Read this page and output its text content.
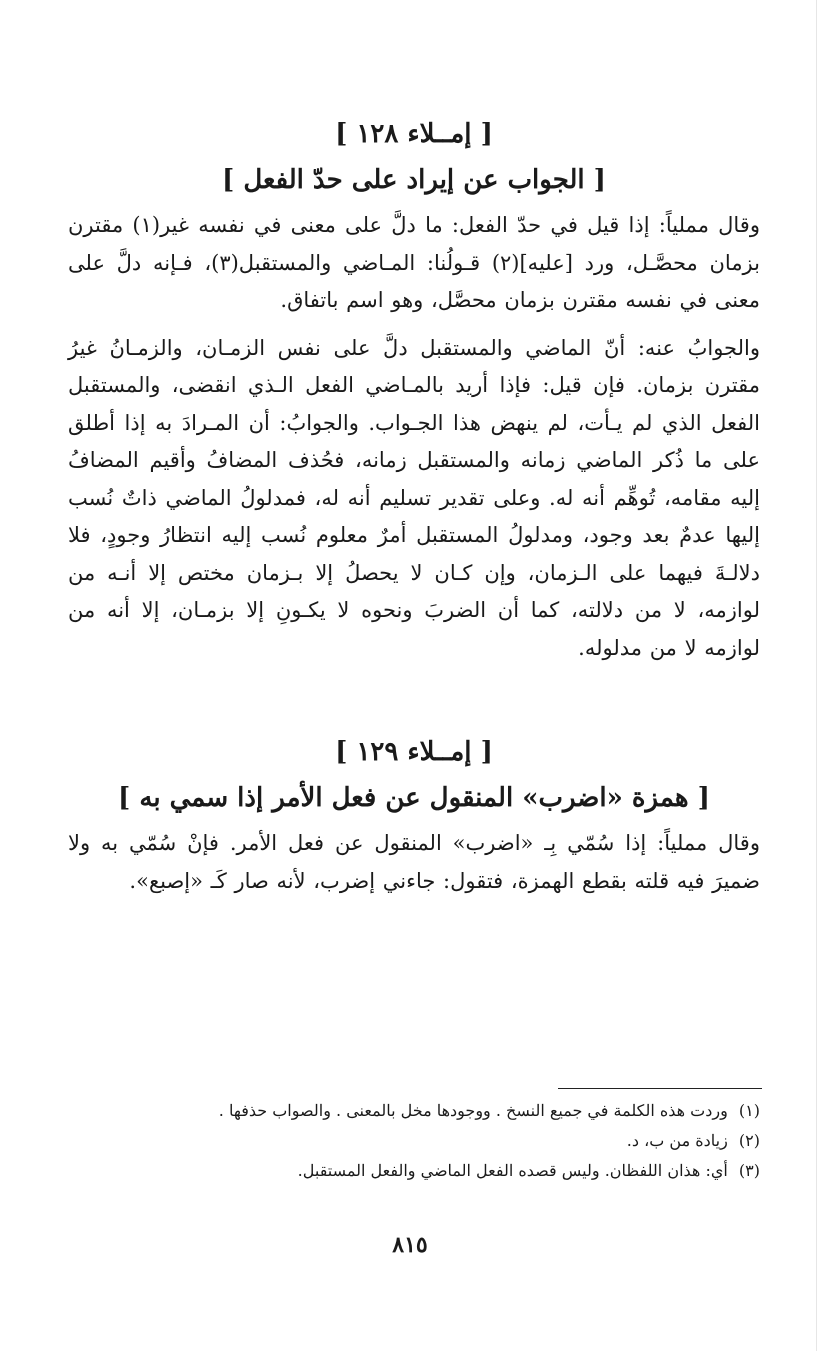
[ إمــلاء ١٢٨ ]
[ الجواب عن إيراد على حدّ الفعل ]

وقال مملياً: إذا قيل في حدّ الفعل: ما دلَّ على معنى في نفسه غير(١) مقترن بزمان محصَّـل، ورد [عليه](٢) قـولُنا: المـاضي والمستقبل(٣)، فـإنه دلَّ على معنى في نفسه مقترن بزمان محصَّل، وهو اسم باتفاق.

والجوابُ عنه: أنّ الماضي والمستقبل دلَّ على نفس الزمـان، والزمـانُ غيرُ مقترن بزمان. فإن قيل: فإذا أريد بالمـاضي الفعل الـذي انقضى، والمستقبل الفعل الذي لم يـأت، لم ينهض هذا الجـواب. والجوابُ: أن المـرادَ به إذا أطلق على ما ذُكر الماضي زمانه والمستقبل زمانه، فحُذف المضافُ وأقيم المضافُ إليه مقامه، تُوهِّم أنه له. وعلى تقدير تسليم أنه له، فمدلولُ الماضي ذاتٌ نُسب إليها عدمٌ بعد وجود، ومدلولُ المستقبل أمرٌ معلوم نُسب إليه انتظارُ وجودٍ، فلا دلالـةَ فيهما على الـزمان، وإن كـان لا يحصلُ إلا بـزمان مختص إلا أنـه من لوازمه، لا من دلالته، كما أن الضربَ ونحوه لا يكـونِ إلا بزمـان، إلا أنه من لوازمه لا من مدلوله.

[ إمــلاء ١٢٩ ]
[ همزة «اضرب» المنقول عن فعل الأمر إذا سمي به ]

وقال مملياً: إذا سُمّي بِـ «اضرب» المنقول عن فعل الأمر. فإنْ سُمّي به ولا ضميرَ فيه قلته بقطع الهمزة، فتقول: جاءني إضرب، لأنه صار كَـ «إصبع».

(١) وردت هذه الكلمة في جميع النسخ . ووجودها مخل بالمعنى . والصواب حذفها .

(٢) زيادة من ب، د.

(٣) أي: هذان اللفظان. وليس قصده الفعل الماضي والفعل المستقبل.

٨١٥
